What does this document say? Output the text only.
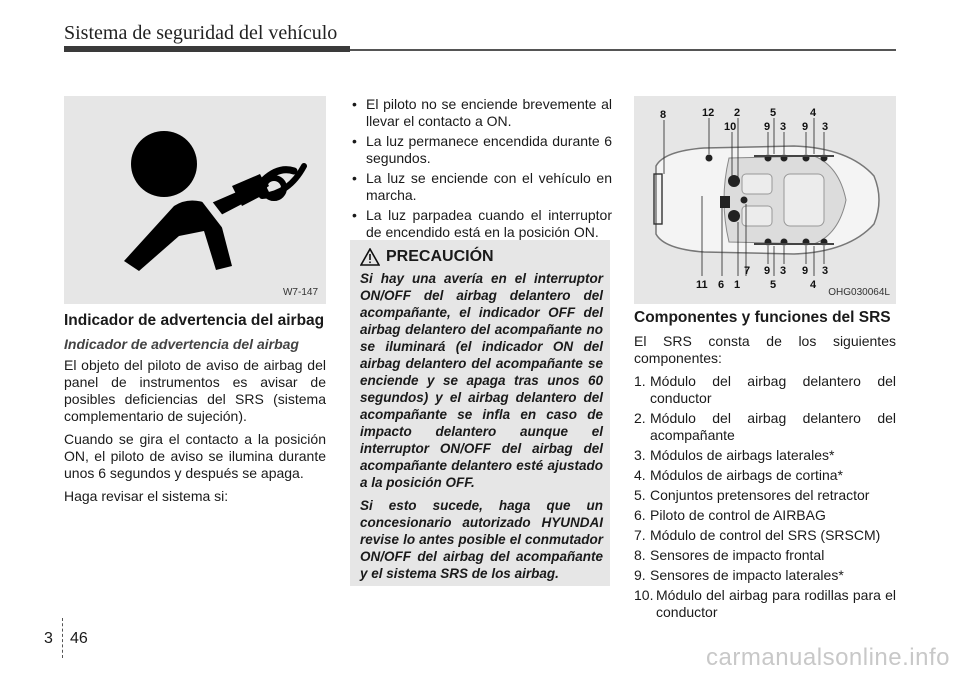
Sistema de seguridad del vehículo
W7-147
Indicador de advertencia del airbag
Indicador de advertencia del airbag

El objeto del piloto de aviso de airbag del panel de instrumentos es avisar de posibles deficiencias del SRS (sistema complementario de sujeción).

Cuando se gira el contacto a la posición ON, el piloto de aviso se ilumina durante unos 6 segundos y después se apaga.

Haga revisar el sistema si:

• El piloto no se enciende brevemente al llevar el contacto a ON.
• La luz permanece encendida durante 6 segundos.
• La luz se enciende con el vehículo en marcha.
• La luz parpadea cuando el interruptor de encendido está en la posición ON.
PRECAUCIÓN

Si hay una avería en el interruptor ON/OFF del airbag delantero del acompañante, el indicador OFF del airbag delantero del acompañante no se iluminará (el indicador ON del airbag delantero del acompañante se enciende y se apaga tras unos 60 segundos) y el airbag delantero del acompañante se infla en caso de impacto delantero aunque el interruptor ON/OFF del airbag del acompañante delantero esté ajustado a la posición OFF.

Si esto sucede, haga que un concesionario autorizado HYUNDAI revise lo antes posible el conmutador ON/OFF del airbag del acompañante y el sistema SRS de los airbag.

8	12 2
10	9 3
5
9
4
3
11 6 1
7 9 3
5
9
4
3
OHG030064L
Componentes y funciones del SRS

El SRS consta de los siguientes componentes:

1. Módulo del airbag delantero del conductor
2. Módulo del airbag delantero del acompañante
3. Módulos de airbags laterales*
4. Módulos de airbags de cortina*
5. Conjuntos pretensores del retractor
6. Piloto de control de AIRBAG
7. Módulo de control del SRS (SRSCM)
8. Sensores de impacto frontal
9. Sensores de impacto laterales*
10. Módulo del airbag para rodillas para el conductor
3 46
carmanualsonline.info
